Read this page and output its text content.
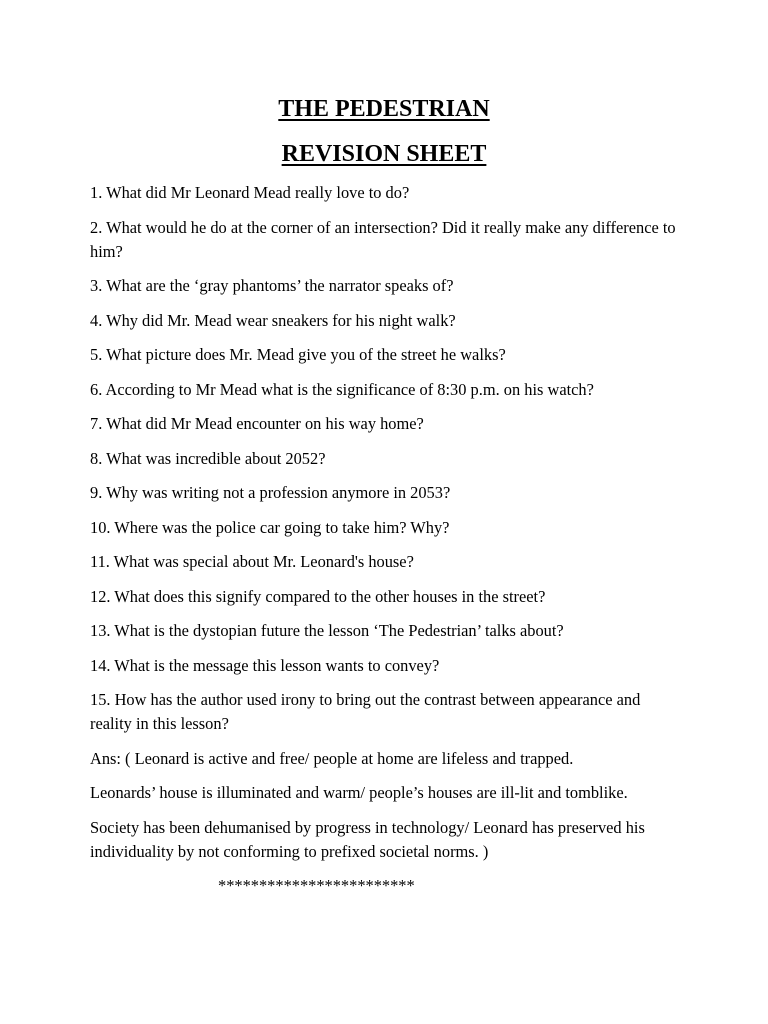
THE PEDESTRIAN
REVISION SHEET

1. What did Mr Leonard Mead really love to do?

2. What would he do at the corner of an intersection? Did it really make any difference to him?

3. What are the ‘gray phantoms’ the narrator speaks of?

4. Why did Mr. Mead wear sneakers for his night walk?

5. What picture does Mr. Mead give you of the street he walks?

6. According to Mr Mead what is the significance of 8:30 p.m. on his watch?

7. What did Mr Mead encounter on his way home?

8. What was incredible about 2052?

9. Why was writing not a profession anymore in 2053?

10. Where was the police car going to take him? Why?

11. What was special about Mr. Leonard's house?

12. What does this signify compared to the other houses in the street?

13. What is the dystopian future the lesson ‘The Pedestrian’ talks about?

14. What is the message this lesson wants to convey?

15. How has the author used irony to bring out the contrast between appearance and reality in this lesson?

Ans: ( Leonard is active and free/ people at home are lifeless and trapped.

Leonards’ house is illuminated and warm/ people’s houses are ill-lit and tomblike.

Society has been dehumanised by progress in technology/ Leonard has preserved his individuality by not conforming to prefixed societal norms. )

************************
